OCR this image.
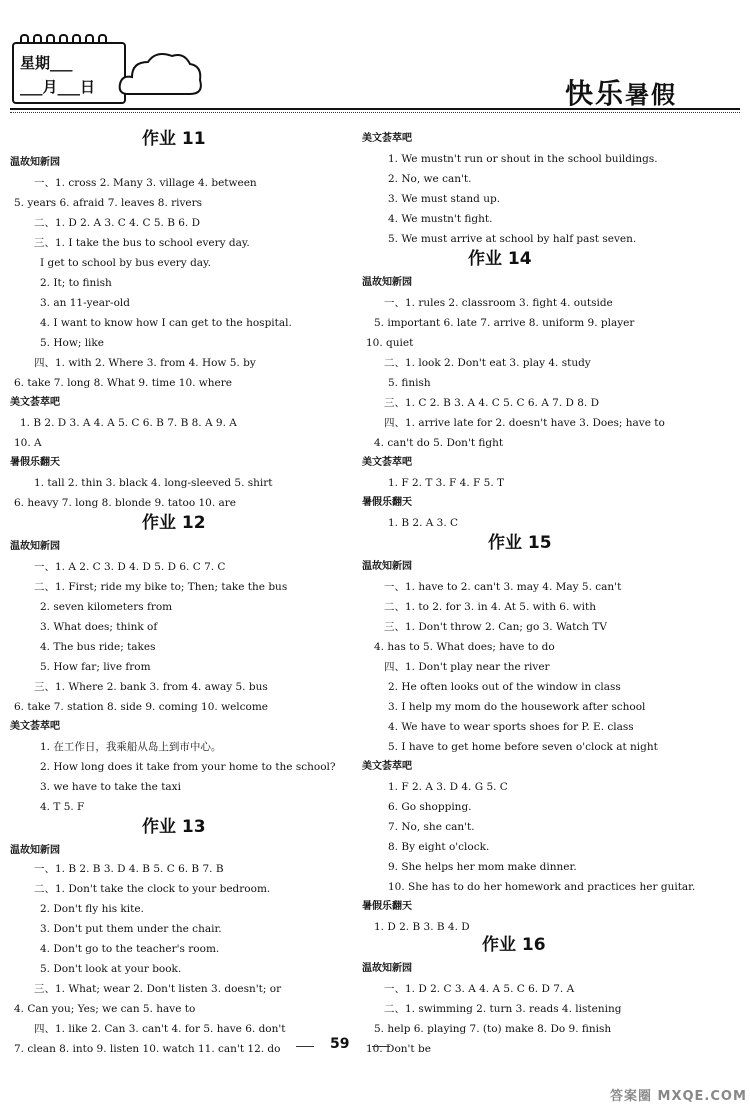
星期___
___月___日	快乐暑假
作业 11
温故知新园
一、1. cross 2. Many 3. village 4. between
5. years 6. afraid 7. leaves 8. rivers
二、1. D 2. A 3. C 4. C 5. B 6. D
三、1. I take the bus to school every day.
I get to school by bus every day.
2. It; to finish
3. an 11-year-old
4. I want to know how I can get to the hospital.
5. How; like
四、1. with 2. Where 3. from 4. How 5. by
6. take 7. long 8. What 9. time 10. where
美文荟萃吧
1. B 2. D 3. A 4. A 5. C 6. B 7. B 8. A 9. A
10. A
暑假乐翻天
1. tall 2. thin 3. black 4. long-sleeved 5. shirt
6. heavy 7. long 8. blonde 9. tatoo 10. are
作业 12
温故知新园
一、1. A 2. C 3. D 4. D 5. D 6. C 7. C
二、1. First; ride my bike to; Then; take the bus
2. seven kilometers from
3. What does; think of
4. The bus ride; takes
5. How far; live from
三、1. Where 2. bank 3. from 4. away 5. bus
6. take 7. station 8. side 9. coming 10. welcome
美文荟萃吧
1. 在工作日，我乘船从岛上到市中心。
2. How long does it take from your home to the school?
3. we have to take the taxi
4. T 5. F
作业 13
温故知新园
一、1. B 2. B 3. D 4. B 5. C 6. B 7. B
二、1. Don't take the clock to your bedroom.
2. Don't fly his kite.
3. Don't put them under the chair.
4. Don't go to the teacher's room.
5. Don't look at your book.
三、1. What; wear 2. Don't listen 3. doesn't; or
4. Can you; Yes; we can 5. have to
四、1. like 2. Can 3. can't 4. for 5. have 6. don't
7. clean 8. into 9. listen 10. watch 11. can't 12. do
美文荟萃吧
1. We mustn't run or shout in the school buildings.
2. No, we can't.
3. We must stand up.
4. We mustn't fight.
5. We must arrive at school by half past seven.
作业 14
温故知新园
一、1. rules 2. classroom 3. fight 4. outside
5. important 6. late 7. arrive 8. uniform 9. player
10. quiet
二、1. look 2. Don't eat 3. play 4. study
5. finish
三、1. C 2. B 3. A 4. C 5. C 6. A 7. D 8. D
四、1. arrive late for 2. doesn't have 3. Does; have to
4. can't do 5. Don't fight
美文荟萃吧
1. F 2. T 3. F 4. F 5. T
暑假乐翻天
1. B 2. A 3. C
作业 15
温故知新园
一、1. have to 2. can't 3. may 4. May 5. can't
二、1. to 2. for 3. in 4. At 5. with 6. with
三、1. Don't throw 2. Can; go 3. Watch TV
4. has to 5. What does; have to do
四、1. Don't play near the river
2. He often looks out of the window in class
3. I help my mom do the housework after school
4. We have to wear sports shoes for P. E. class
5. I have to get home before seven o'clock at night
美文荟萃吧
1. F 2. A 3. D 4. G 5. C
6. Go shopping.
7. No, she can't.
8. By eight o'clock.
9. She helps her mom make dinner.
10. She has to do her homework and practices her guitar.
暑假乐翻天
1. D 2. B 3. B 4. D
作业 16
温故知新园
一、1. D 2. C 3. A 4. A 5. C 6. D 7. A
二、1. swimming 2. turn 3. reads 4. listening
5. help 6. playing 7. (to) make 8. Do 9. finish
10. Don't be
59
答案圈 MXQE.COM
